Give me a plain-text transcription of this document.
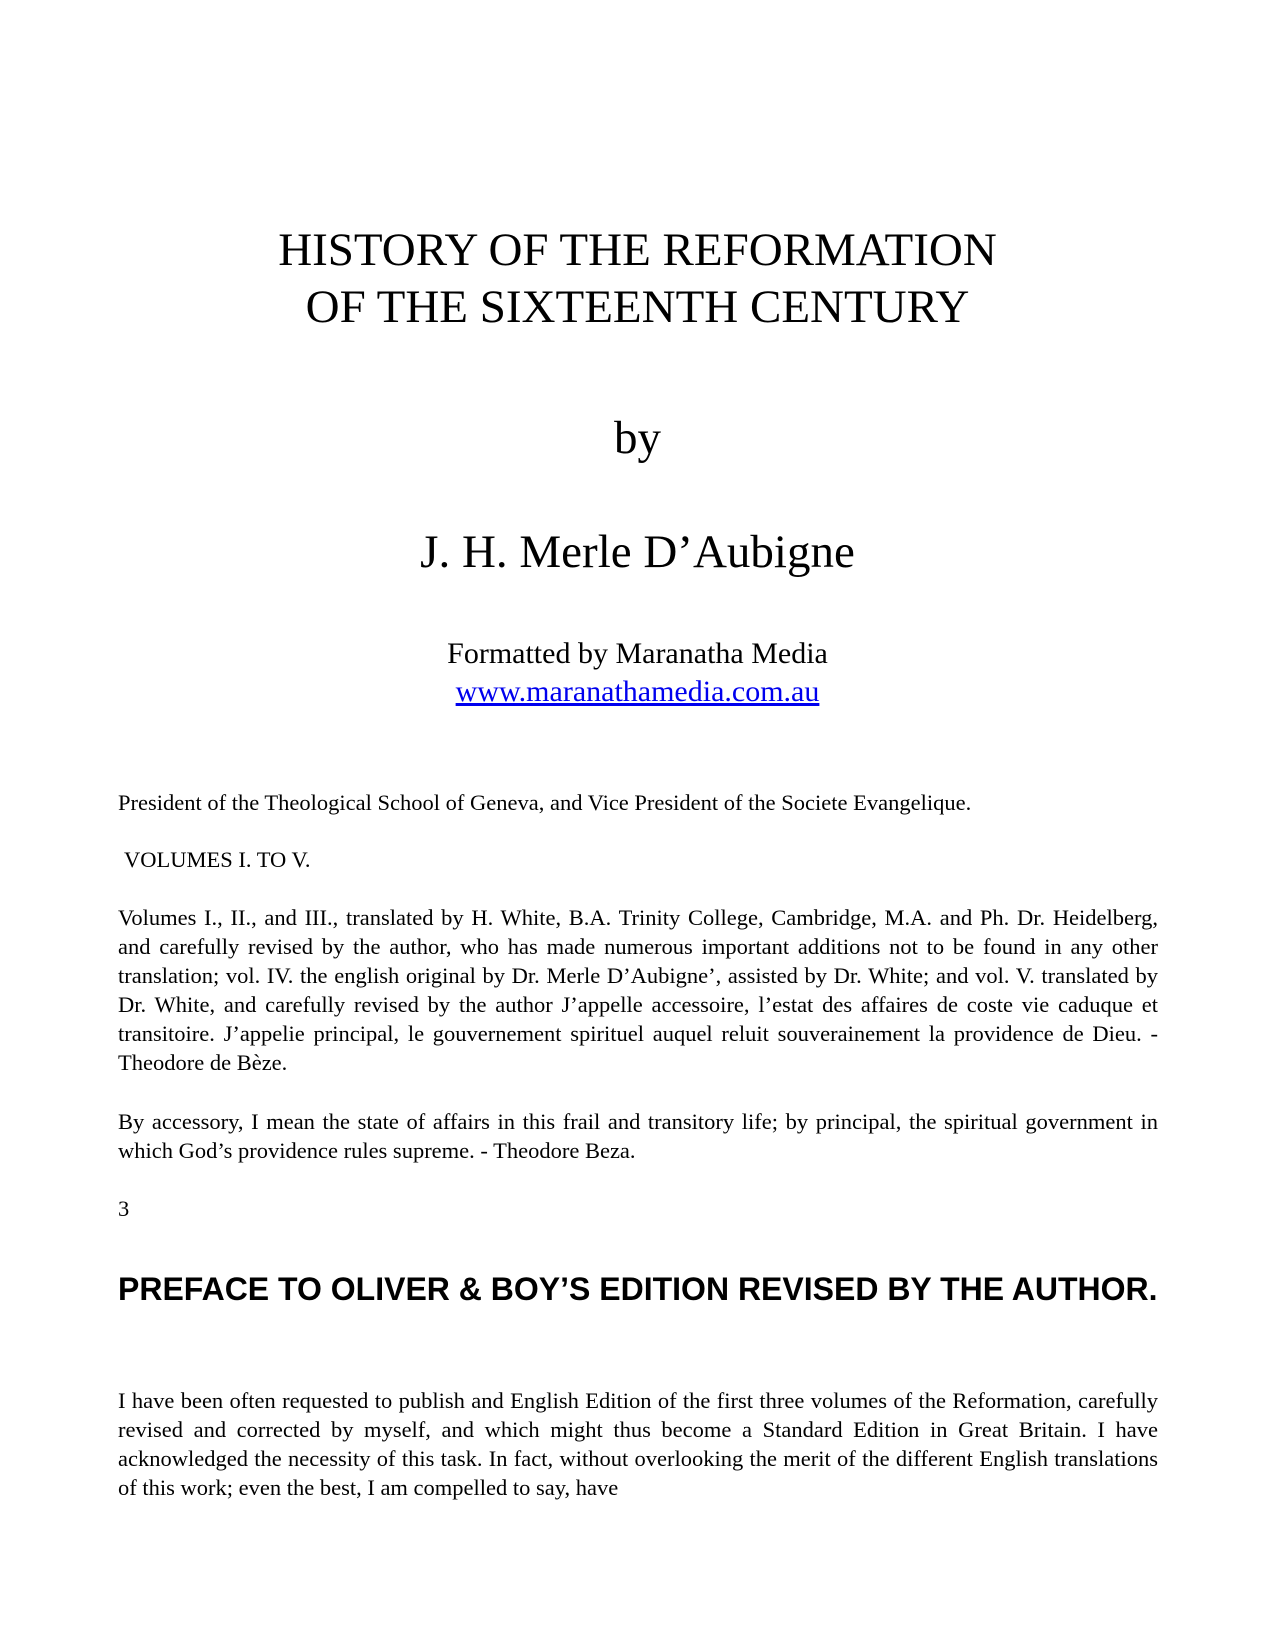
HISTORY OF THE REFORMATION
OF THE SIXTEENTH CENTURY
by
J. H. Merle D’Aubigne
Formatted by Maranatha Media
www.maranathamedia.com.au

President of the Theological School of Geneva, and Vice President of the Societe Evangelique.

VOLUMES I. TO V.

Volumes I., II., and III., translated by H. White, B.A. Trinity College, Cambridge, M.A. and Ph. Dr. Heidelberg, and carefully revised by the author, who has made numerous important additions not to be found in any other translation; vol. IV. the english original by Dr. Merle D’Aubigne’, assisted by Dr. White; and vol. V. translated by Dr. White, and carefully revised by the author J’appelle accessoire, l’estat des affaires de coste vie caduque et transitoire. J’appelie principal, le gouvernement spirituel auquel reluit souverainement la providence de Dieu. - Theodore de Bèze.

By accessory, I mean the state of affairs in this frail and transitory life; by principal, the spiritual government in which God’s providence rules supreme. - Theodore Beza.

3

PREFACE TO OLIVER & BOY’S EDITION REVISED BY THE AUTHOR.

I have been often requested to publish and English Edition of the first three volumes of the Reformation, carefully revised and corrected by myself, and which might thus become a Standard Edition in Great Britain. I have acknowledged the necessity of this task. In fact, without overlooking the merit of the different English translations of this work; even the best, I am compelled to say, have
